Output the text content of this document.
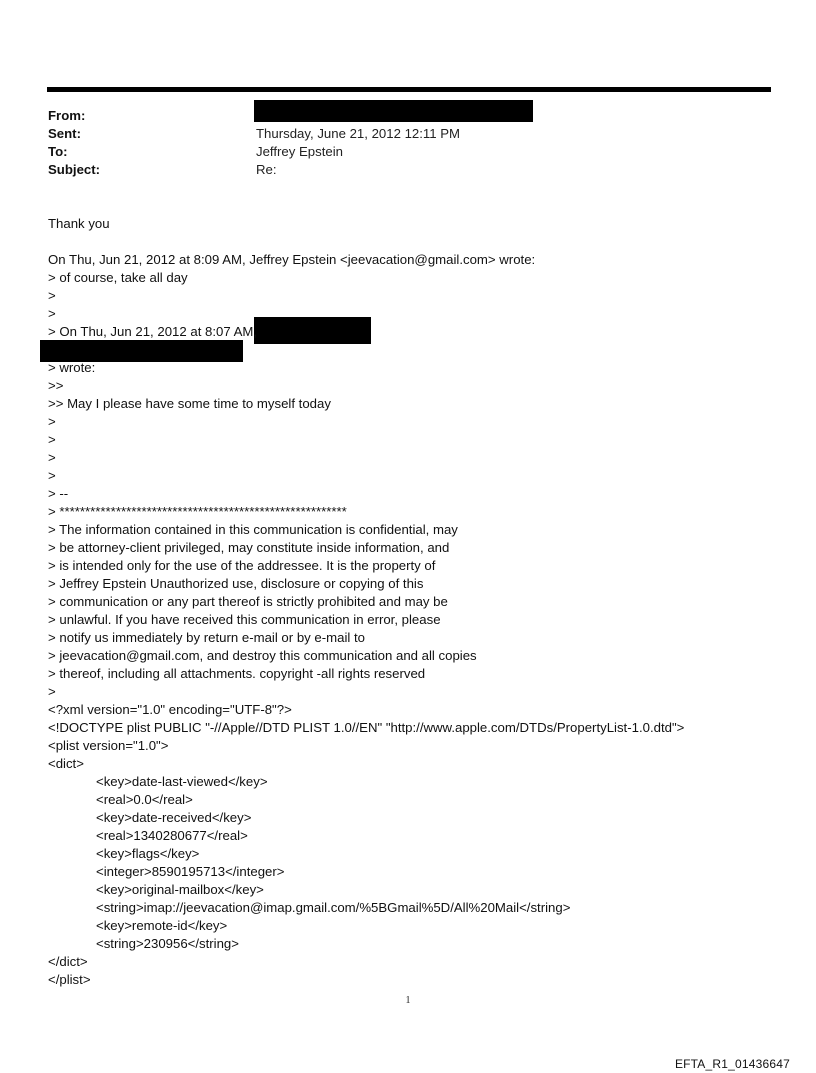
From:
Sent:	Thursday, June 21, 2012 12:11 PM
To:	Jeffrey Epstein
Subject:	Re:
Thank you
On Thu, Jun 21, 2012 at 8:09 AM, Jeffrey Epstein <jeevacation@gmail.com> wrote:
> of course, take all day
>
>
> On Thu, Jun 21, 2012 at 8:07 AM,
> wrote:
>>
>> May I please have some time to myself today
>
>
>
>
> --
> ********************************************************
> The information contained in this communication is confidential, may
> be attorney-client privileged, may constitute inside information, and
> is intended only for the use of the addressee. It is the property of
> Jeffrey Epstein Unauthorized use, disclosure or copying of this
> communication or any part thereof is strictly prohibited and may be
> unlawful. If you have received this communication in error, please
> notify us immediately by return e-mail or by e-mail to
> jeevacation@gmail.com, and destroy this communication and all copies
> thereof, including all attachments. copyright -all rights reserved
>
<?xml version="1.0" encoding="UTF-8"?>
<!DOCTYPE plist PUBLIC "-//Apple//DTD PLIST 1.0//EN" "http://www.apple.com/DTDs/PropertyList-1.0.dtd">
<plist version="1.0">
<dict>
<key>date-last-viewed</key>
<real>0.0</real>
<key>date-received</key>
<real>1340280677</real>
<key>flags</key>
<integer>8590195713</integer>
<key>original-mailbox</key>
<string>imap://jeevacation@imap.gmail.com/%5BGmail%5D/All%20Mail</string>
<key>remote-id</key>
<string>230956</string>
</dict>
</plist>
1
EFTA_R1_01436647
